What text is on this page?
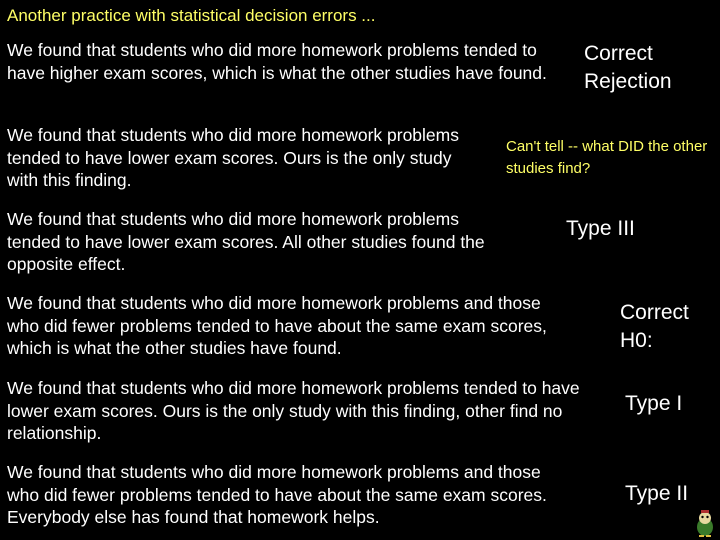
Another practice with statistical decision errors ...
We found that students who did more homework problems tended to have higher exam scores, which is what the other studies have found.
Correct Rejection
We found that students who did more homework problems tended to have lower exam scores. Ours is the only study with this finding.
Can't tell -- what DID the other studies find?
We found that students who did more homework problems tended to have lower exam scores. All other studies found the opposite effect.
Type III
We found that students who did more homework problems and those who did fewer problems tended to have about the same exam scores, which is what the other studies have found.
Correct H0:
We found that students who did more homework problems tended to have lower exam scores. Ours is the only study with this finding, other find no relationship.
Type I
We found that students who did more homework problems and those who did fewer problems tended to have about the same exam scores. Everybody else has found that homework helps.
Type II
